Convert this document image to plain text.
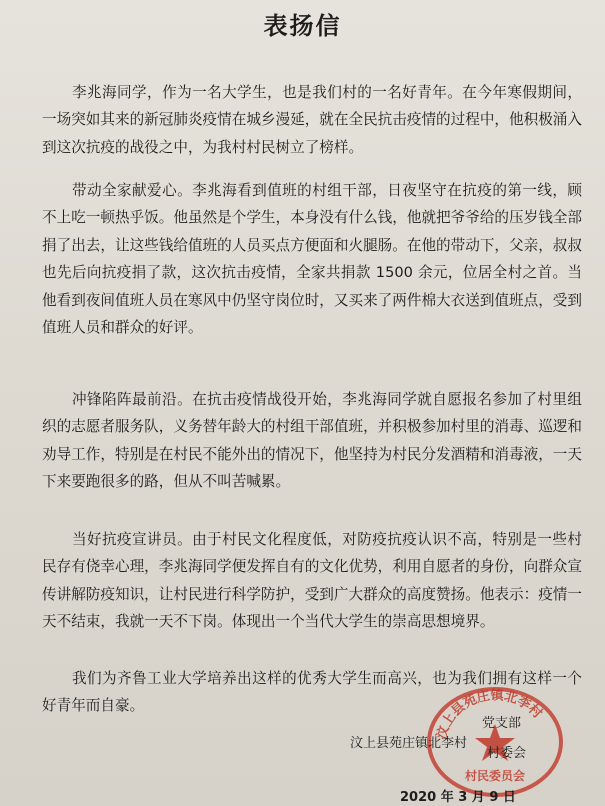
表扬信

李兆海同学，作为一名大学生，也是我们村的一名好青年。在今年寒假期间，一场突如其来的新冠肺炎疫情在城乡漫延，就在全民抗击疫情的过程中，他积极涌入到这次抗疫的战役之中，为我村村民树立了榜样。

带动全家献爱心。李兆海看到值班的村组干部，日夜坚守在抗疫的第一线，顾不上吃一顿热乎饭。他虽然是个学生，本身没有什么钱，他就把爷爷给的压岁钱全部捐了出去，让这些钱给值班的人员买点方便面和火腿肠。在他的带动下，父亲，叔叔也先后向抗疫捐了款，这次抗击疫情，全家共捐款 1500 余元，位居全村之首。当他看到夜间值班人员在寒风中仍坚守岗位时，又买来了两件棉大衣送到值班点，受到值班人员和群众的好评。

冲锋陷阵最前沿。在抗击疫情战役开始，李兆海同学就自愿报名参加了村里组织的志愿者服务队，义务替年龄大的村组干部值班，并积极参加村里的消毒、巡逻和劝导工作，特别是在村民不能外出的情况下，他坚持为村民分发酒精和消毒液，一天下来要跑很多的路，但从不叫苦喊累。

当好抗疫宣讲员。由于村民文化程度低，对防疫抗疫认识不高，特别是一些村民存有侥幸心理，李兆海同学便发挥自有的文化优势，利用自愿者的身份，向群众宣传讲解防疫知识，让村民进行科学防护，受到广大群众的高度赞扬。他表示：疫情一天不结束，我就一天不下岗。体现出一个当代大学生的崇高思想境界。

我们为齐鲁工业大学培养出这样的优秀大学生而高兴，也为我们拥有这样一个好青年而自豪。

汶上县苑庄镇北李村
村民委员会
汶上县苑庄镇北李村
党支部
村委会
2020 年 3 月 9 日
